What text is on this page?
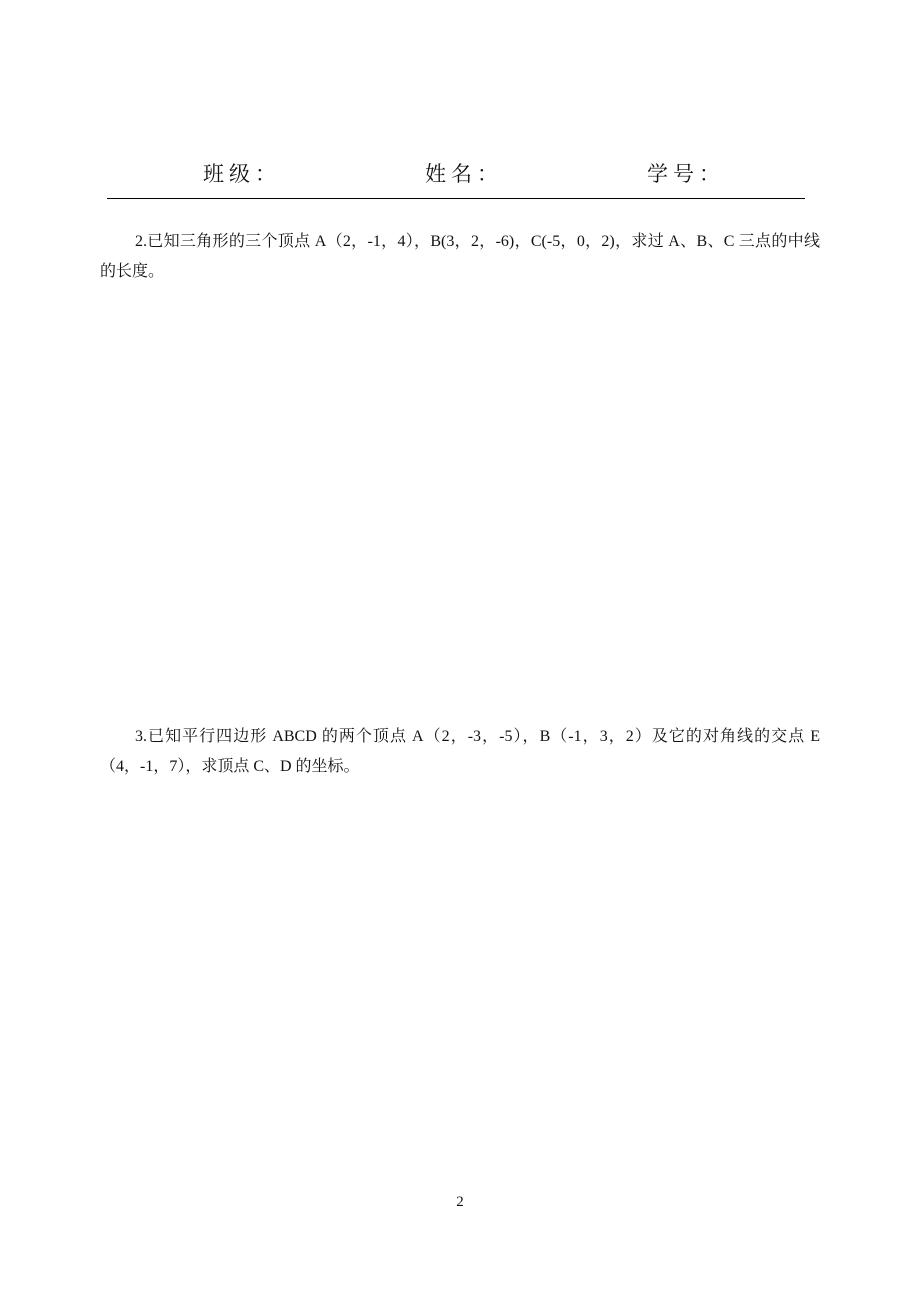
班级：	姓名：	学号：

2.已知三角形的三个顶点 A（2，-1，4），B(3，2，-6)，C(-5，0，2)，求过 A、B、C 三点的中线的长度。

3.已知平行四边形 ABCD 的两个顶点 A（2，-3，-5），B（-1，3，2）及它的对角线的交点 E（4，-1，7），求顶点 C、D 的坐标。

2
